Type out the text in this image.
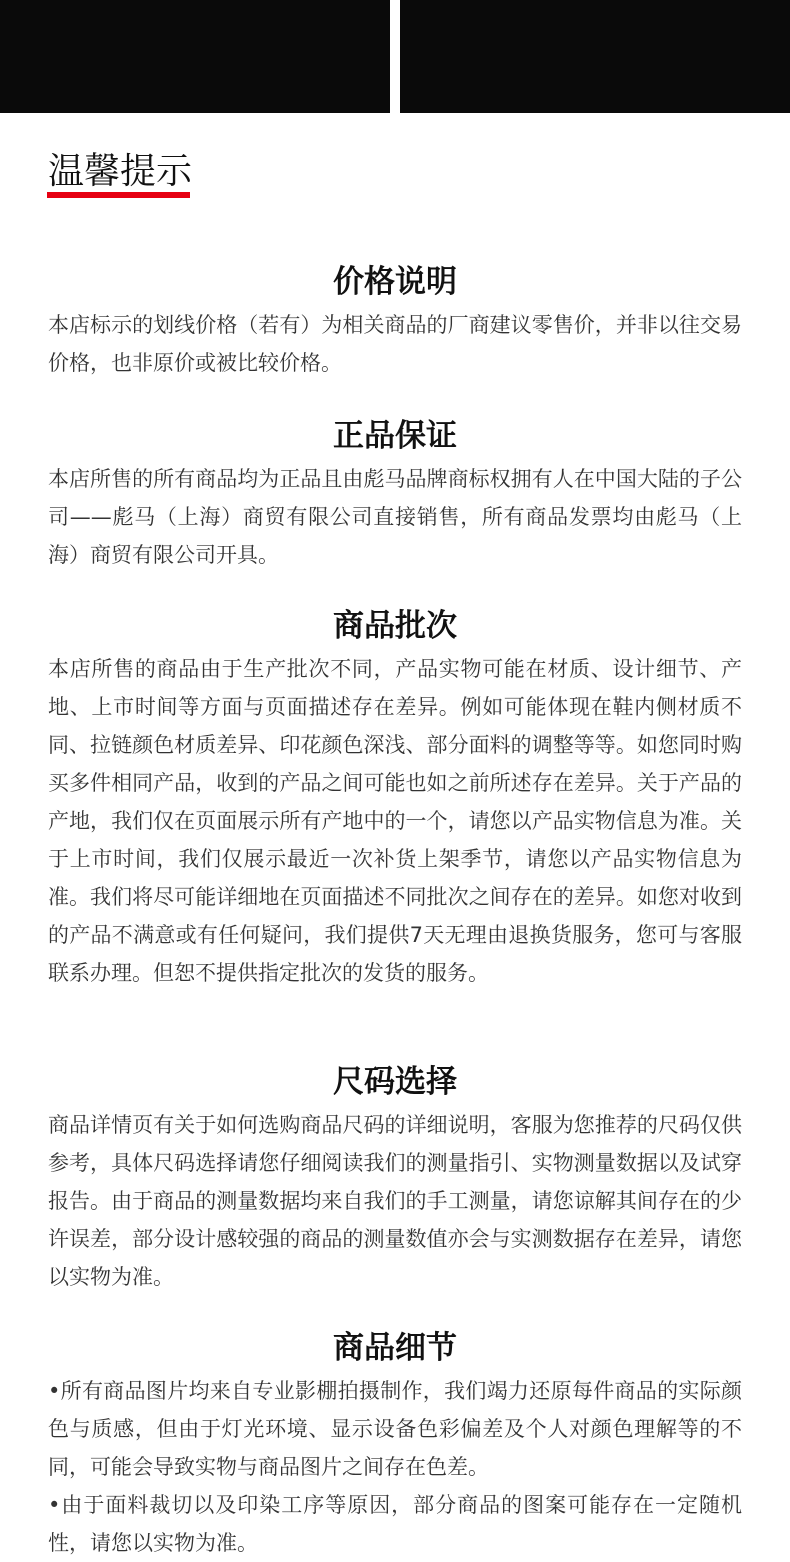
温馨提示
价格说明

本店标示的划线价格（若有）为相关商品的厂商建议零售价，并非以往交易价格，也非原价或被比较价格。

正品保证

本店所售的所有商品均为正品且由彪马品牌商标权拥有人在中国大陆的子公司——彪马（上海）商贸有限公司直接销售，所有商品发票均由彪马（上海）商贸有限公司开具。

商品批次

本店所售的商品由于生产批次不同，产品实物可能在材质、设计细节、产地、上市时间等方面与页面描述存在差异。例如可能体现在鞋内侧材质不同、拉链颜色材质差异、印花颜色深浅、部分面料的调整等等。如您同时购买多件相同产品，收到的产品之间可能也如之前所述存在差异。关于产品的产地，我们仅在页面展示所有产地中的一个，请您以产品实物信息为准。关于上市时间，我们仅展示最近一次补货上架季节，请您以产品实物信息为准。我们将尽可能详细地在页面描述不同批次之间存在的差异。如您对收到的产品不满意或有任何疑问，我们提供7天无理由退换货服务，您可与客服联系办理。但恕不提供指定批次的发货的服务。

尺码选择

商品详情页有关于如何选购商品尺码的详细说明，客服为您推荐的尺码仅供参考，具体尺码选择请您仔细阅读我们的测量指引、实物测量数据以及试穿报告。由于商品的测量数据均来自我们的手工测量，请您谅解其间存在的少许误差，部分设计感较强的商品的测量数值亦会与实测数据存在差异，请您以实物为准。

商品细节

•所有商品图片均来自专业影棚拍摄制作，我们竭力还原每件商品的实际颜色与质感，但由于灯光环境、显示设备色彩偏差及个人对颜色理解等的不同，可能会导致实物与商品图片之间存在色差。

•由于面料裁切以及印染工序等原因，部分商品的图案可能存在一定随机性，请您以实物为准。
